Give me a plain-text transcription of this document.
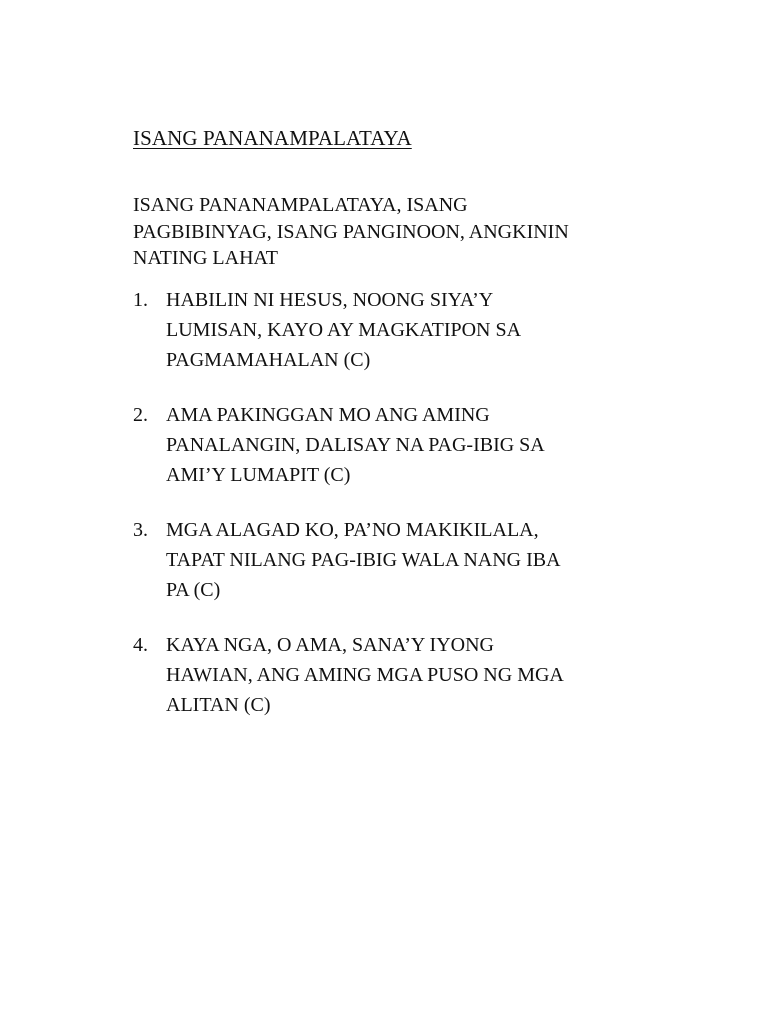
ISANG PANANAMPALATAYA
ISANG PANANAMPALATAYA, ISANG
PAGBIBINYAG, ISANG PANGINOON, ANGKININ
NATING LAHAT
1. HABILIN NI HESUS, NOONG SIYA’Y
LUMISAN, KAYO AY MAGKATIPON SA
PAGMAMAHALAN (C)
2. AMA PAKINGGAN MO ANG AMING
PANALANGIN, DALISAY NA PAG-IBIG SA
AMI’Y LUMAPIT (C)
3. MGA ALAGAD KO, PA’NO MAKIKILALA,
TAPAT NILANG PAG-IBIG WALA NANG IBA
PA (C)
4. KAYA NGA, O AMA, SANA’Y IYONG
HAWIAN, ANG AMING MGA PUSO NG MGA
ALITAN (C)
